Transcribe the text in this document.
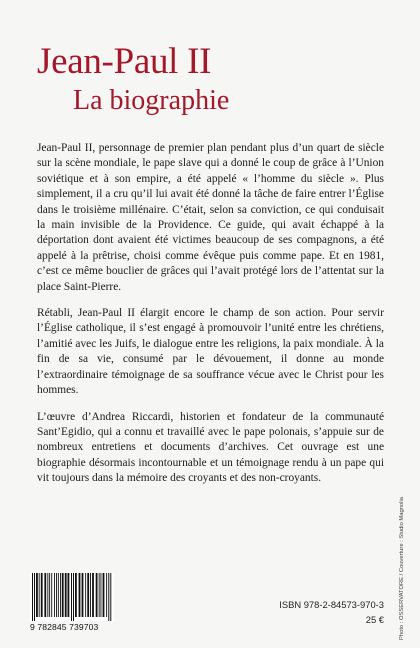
Jean-Paul II
La biographie

Jean-Paul II, personnage de premier plan pendant plus d’un quart de siècle sur la scène mondiale, le pape slave qui a donné le coup de grâce à l’Union soviétique et à son empire, a été appelé « l’homme du siècle ». Plus simplement, il a cru qu’il lui avait été donné la tâche de faire entrer l’Église dans le troisième millénaire. C’était, selon sa conviction, ce qui conduisait la main invisible de la Providence. Ce guide, qui avait échappé à la déportation dont avaient été victimes beaucoup de ses compagnons, a été appelé à la prêtrise, choisi comme évêque puis comme pape. Et en 1981, c’est ce même bouclier de grâces qui l’avait protégé lors de l’attentat sur la place Saint-Pierre.

Rétabli, Jean-Paul II élargit encore le champ de son action. Pour servir l’Église catholique, il s’est engagé à promouvoir l’unité entre les chrétiens, l’amitié avec les Juifs, le dialogue entre les religions, la paix mondiale. À la fin de sa vie, consumé par le dévouement, il donne au monde l’extraordinaire témoignage de sa souffrance vécue avec le Christ pour les hommes.

L’œuvre d’Andrea Riccardi, historien et fondateur de la communauté Sant’Egidio, qui a connu et travaillé avec le pape polonais, s’appuie sur de nombreux entretiens et documents d’archives. Cet ouvrage est une biographie désormais incontournable et un témoignage rendu à un pape qui vit toujours dans la mémoire des croyants et des non-croyants.

9 782845 739703
ISBN 978-2-84573-970-3
25 €	Photo : OSSERVATORE / Couverture : Studio Magnolia
